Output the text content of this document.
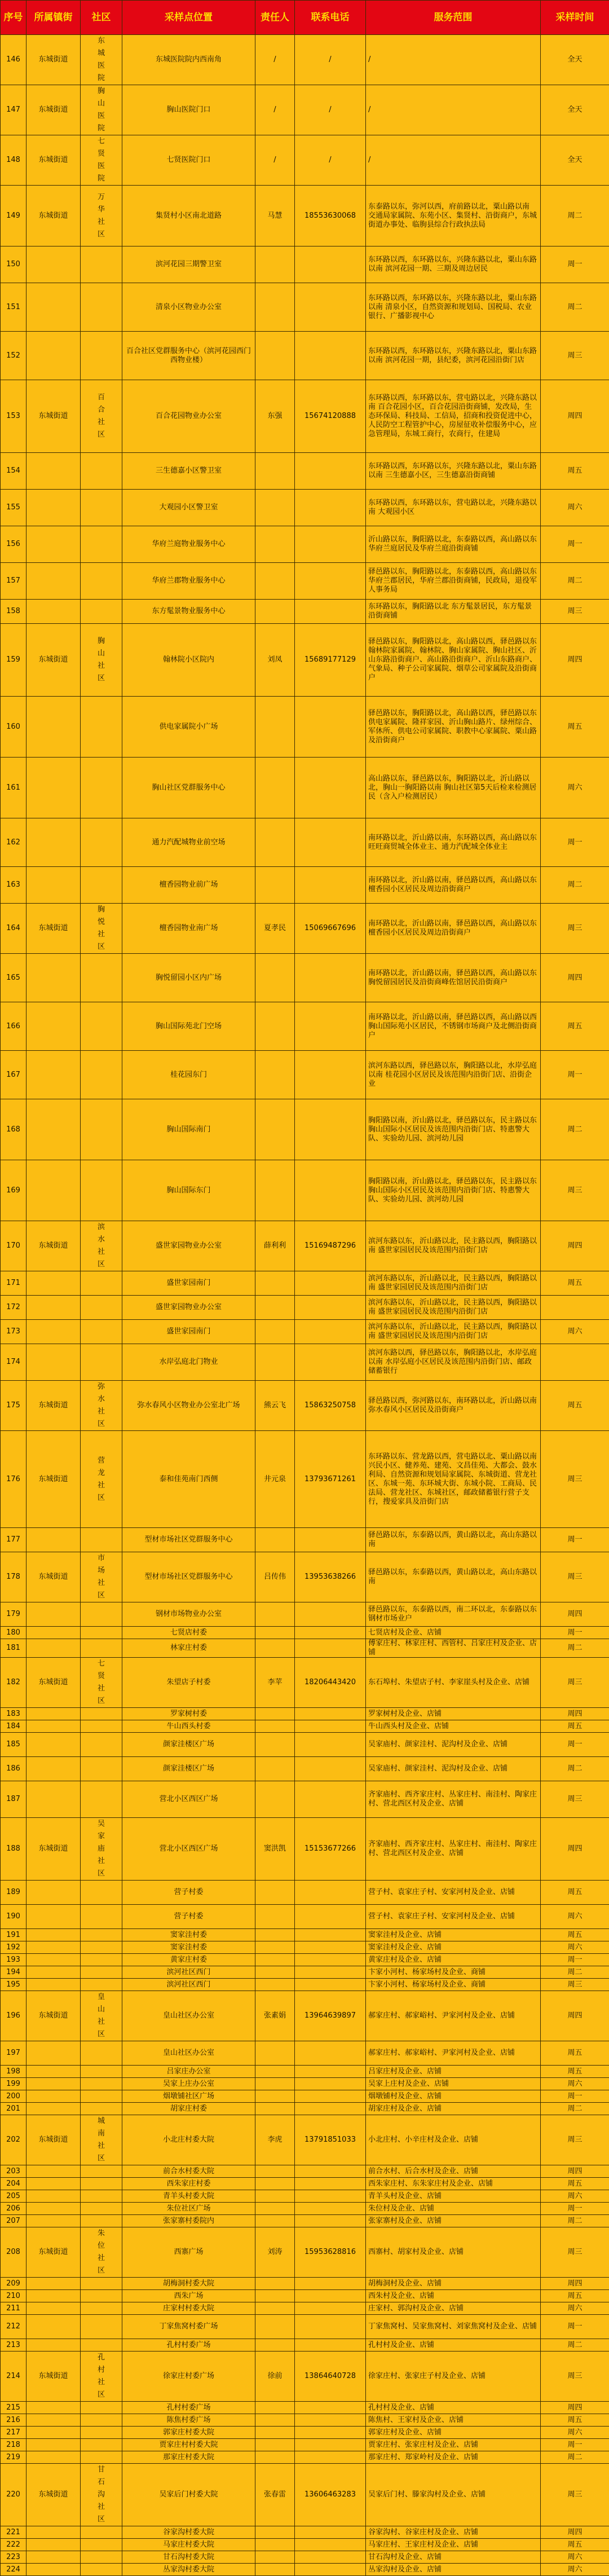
序号	所属镇街	社区	采样点位置	责任人	联系电话	服务范围	采样时间
146	东城街道	东城医院	东城医院院内西南角	/	/	/	全天
147	东城街道	胸山医院	胸山医院门口	/	/	/	全天
148	东城街道	七贤医院	七贤医院门口	/	/	/	全天
149	东城街道	万华社区	集贤村小区南北道路	马慧	18553630068	东泰路以东，弥河以西，府前路以北，粟山路以南 交通局家属院、东苑小区、集贤村、沿街商户，东城街道办事处、临朐县综合行政执法局	周二
150			滨河花园三期警卫室			东环路以西，东环路以东，兴隆东路以北，粟山东路以南 滨河花园一期、三期及周边居民	周一
151			清泉小区物业办公室			东环路以西，东环路以东，兴隆东路以北，粟山东路以南 清泉小区，自然资源和规划局、国税局、农业银行、广播影视中心	周二
152			百合社区党群服务中心（滨河花园西门西物业楼）			东环路以西，东环路以东，兴隆东路以北，粟山东路以南 滨河花园一期，县纪委，滨河花园沿街门店	周三
153	东城街道	百合社区	百合花园物业办公室	东强	15674120888	东环路以西，东环路以东，营屯路以北，兴隆东路以南 百合花园小区，百合花园沿街商铺，发改局，生态环保局、科技局、工信局，招商和投资促进中心，人民防空工程管护中心，房屋征收补偿服务中心，应急管理局，东城工商行，农商行，住建局	周四
154			三生德嘉小区警卫室			东环路以西，东环路以东，兴隆东路以北，粟山东路以南 三生德嘉小区，三生德嘉沿街商铺	周五
155			大观园小区警卫室			东环路以西，东环路以东，营屯路以北，兴隆东路以南 大观园小区	周六
156			华府兰庭物业服务中心			沂山路以东，胸阳路以北，东泰路以西，高山路以东 华府兰庭居民及华府兰庭沿街商铺	周一
157			华府兰郡物业服务中心			驿邑路以东，胸阳路以北，东泰路以西，高山路以东 华府兰郡居民，华府兰郡沿街商铺，民政局，退役军人事务局	周二
158			东方髦景物业服务中心			东环路以东，胸阳路以北 东方髦景居民，东方髦景沿街商铺	周三
159	东城街道	胸山社区	翰林院小区院内	刘凤	15689177129	驿邑路以东，胸阳路以北，高山路以西，驿邑路以东 翰林院家属院、翰林院、胸山家属院、胸山社区、沂山东路沿街商户、高山路沿街商户、沂山东路商户、气象局、种子公司家属院、烟草公司家属院及沿街商户	周四
160			供电家属院小广场			驿邑路以东，胸阳路以北，高山路以西，驿邑路以东 供电家属院、隆祥家园、沂山胸山路片、绿州综合、军休所、供电公司家属院、职教中心家属院、粟山路及沿街商户	周五
161			胸山社区党群服务中心			高山路以东，驿邑路以东，胸阳路以北，沂山路以北，胸山一胸阳路以南 胸山社区第5天后检来检测居民（含入户检测居民）	周六
162			通力汽配城物业前空场			南环路以北，沂山路以南，东环路以西，高山路以东 旺旺商贸城全体业主、通力汽配城全体业主	周一
163			檀香园物业前广场			南环路以北，沂山路以南，驿邑路以西，高山路以东 檀香园小区居民及周边沿街商户	周二
164	东城街道	胸悦社区	檀香园物业南广场	夏孝民	15069667696	南环路以北，沂山路以南，驿邑路以西，高山路以东 檀香园小区居民及周边沿街商户	周三
165			胸悦留园小区内广场			南环路以北，沂山路以南，驿邑路以西，高山路以东 胸悦留园居民及沿街商峰佐馆居民沿街商户	周四
166			胸山国际苑北门空场			南环路以北，沂山路以南，驿邑路以西，高山路以西 胸山国际苑小区居民，不锈钢市场商户及北侧沿街商户	周五
167			桂花园东门			滨河东路以西，驿邑路以东，胸阳路以北，水岸弘庭以南 桂花园小区居民及该范围内沿街门店、沿街企业	周一
168			胸山国际南门			胸阳路以南，沂山路以北，驿邑路以东，民主路以东 胸山国际小区居民及该范围内沿街门店、特惠警大队、实验幼儿园、滨河幼儿园	周二
169			胸山国际东门			胸阳路以南，沂山路以北，驿邑路以东，民主路以东 胸山国际小区居民及该范围内沿街门店、特惠警大队、实验幼儿园、滨河幼儿园	周三
170	东城街道	滨水社区	盛世家园物业办公室	薛利利	15169487296	滨河东路以东，沂山路以北，民主路以西，胸阳路以南 盛世家园居民及该范围内沿街门店	周四
171			盛世家园南门			滨河东路以东，沂山路以北，民主路以西，胸阳路以南 盛世家园居民及该范围内沿街门店	周五
172			盛世家园物业办公室			滨河东路以东，沂山路以北，民主路以西，胸阳路以南 盛世家园居民及该范围内沿街门店	
173			盛世家园南门			滨河东路以东，沂山路以北，民主路以西，胸阳路以南 盛世家园居民及该范围内沿街门店	周六
174			水岸弘庭北门物业			滨河东路以西，驿邑路以东，胸阳路以北，水岸弘庭以南 水岸弘庭小区居民及该范围内沿街门店、邮政储蓄银行	
175	东城街道	弥水社区	弥水春风小区物业办公室北广场	熊云飞	15863250758	驿邑路以西，弥河路以东，南环路以北，沂山路以南 弥水春风小区居民及沿街商户	周五
176	东城街道	营龙社区	泰和佳苑南门西侧	井元泉	13793671261	东环路以东、营龙路以西，营屯路以北、粟山路以南 兴民小区、健养苑、建苑、文昌佳苑、大都会、鼓水利局、自然资源和规划局家属院、东城街道、营龙社区、东城一苑、东环城大街、东城小院、工商局、民法局、营龙社区、东城社区，邮政储蓄银行营子支行，搜爱家具及沿街门店	周三
177			型材市场社区党群服务中心			驿邑路以东，东泰路以西，黄山路以北，高山东路以南	周一
178	东城街道	市场社区	型材市场社区党群服务中心	吕传伟	13953638266	驿邑路以东，东泰路以西，黄山路以北，高山东路以南	周三
179			钢材市场物业办公室			驿邑路以东，东泰路以西，南二环以北，东泰路以东钢材市场业户	周四
180			七贤店村委			七贤店村及企业、店铺	周一
181			林家庄村委			傅家庄村、林家庄村、西管村、吕家庄村及企业、店铺	周二
182	东城街道	七贤社区	朱望店子村委	李苹	18206443420	东石埠村、朱望店子村、李家崖头村及企业、店铺	周三
183			罗家树村委			罗家树村及企业、店铺	周四
184			牛山西头村委			牛山西头村及企业、店铺	周五
185			颜家洼楼区广场			吴家庙村、颜家洼村、泥沟村及企业、店铺	周一
186			颜家洼楼区广场			吴家庙村、颜家洼村、泥沟村及企业、店铺	周二
187			营北小区西区广场			齐家庙村、西齐家庄村、丛家庄村、南洼村、陶家庄村、营北西区村及企业、店铺	周三
188	东城街道	吴家庙社区	营北小区西区广场	窦洪凯	15153677266	齐家庙村、西齐家庄村、丛家庄村、南洼村、陶家庄村、营北西区村及企业、店铺	周四
189			营子村委			营子村、袁家庄子村、安家河村及企业、店铺	周五
190			营子村委			营子村、袁家庄子村、安家河村及企业、店铺	周六
191			窦家洼村委			窦家洼村及企业、店铺	周五
192			窦家洼村委			窦家洼村及企业、店铺	周六
193			黄家庄村委			黄家庄村及企业、店铺	周一
194			滨河社区西门			卞家小河村、杨家场村及企业、商铺	周二
195			滨河社区西门			卞家小河村、杨家场村及企业、商铺	周三
196	东城街道	皇山社区	皇山社区办公室	张素娟	13964639897	郝家庄村、郝家峪村、尹家河村及企业、店铺	周四
197			皇山社区办公室			郝家庄村、郝家峪村、尹家河村及企业、店铺	周五
198			吕家庄办公室			吕家庄村及企业、店铺	周五
199			吴家上庄办公室			吴家上庄村及企业、店铺	周六
200			烟墩铺社区广场			烟墩铺村及企业、店铺	周一
201			胡家庄村委			胡家庄村及企业、店铺	周二
202	东城街道	城南社区	小北庄村委大院	李虎	13791851033	小北庄村、小辛庄村及企业、店铺	周三
203			前合水村委大院			前合水村、后合水村及企业、店铺	周四
204			西朱家庄村委			西朱家庄村、东朱家庄村及企业、店铺	周五
205			青羊头村委大院			青羊头村及企业、店铺	周六
206			朱位社区广场			朱位村及企业、店铺	周一
207			张家寨村委院内			张家寨村及企业、店铺	周二
208	东城街道	朱位社区	西寨广场	刘涛	15953628816	西寨村、胡家村及企业、店铺	周三
209			胡梅洞村委大院			胡梅洞村及企业、店铺	周四
210			西朱广场			西朱村及企业、店铺	周五
211			庄家村村委大院			庄家村、郭沟村及企业、店铺	周六
212			丁家焦窝村委广场			丁家焦窝村、吴家焦窝村、刘家焦窝村及企业、店铺	周一
213			孔村村委广场			孔村村及企业、店铺	周二
214	东城街道	孔村社区	徐家庄村委广场	徐前	13864640728	徐家庄村、张家庄子村及企业、店铺	周三
215			孔村村委广场			孔村村及企业、店铺	周四
216			陈焦村委广场			陈焦村、王家村及企业、店铺	周五
217			郭家庄村委大院			郭家庄村及企业、店铺	周六
218			贾家庄村村委大院			贾家庄村、张家庄村及企业、店铺	周一
219			那家庄村委大院			那家庄村、郑家岭村及企业、店铺	周二
220	东城街道	甘石沟社区	吴家后门村委大院	张春雷	13606463283	吴家后门村、滕家沟村及企业、店铺	周三
221			谷家沟村委大院			谷家沟村、谷家庄村及企业、店铺	周四
222			马家庄村委大院			马家庄村、王家庄村及企业、店铺	周五
223			甘石沟村委大院			甘石沟村及企业、店铺	周六
224			丛家沟村委大院			丛家沟村及企业、店铺	周六
